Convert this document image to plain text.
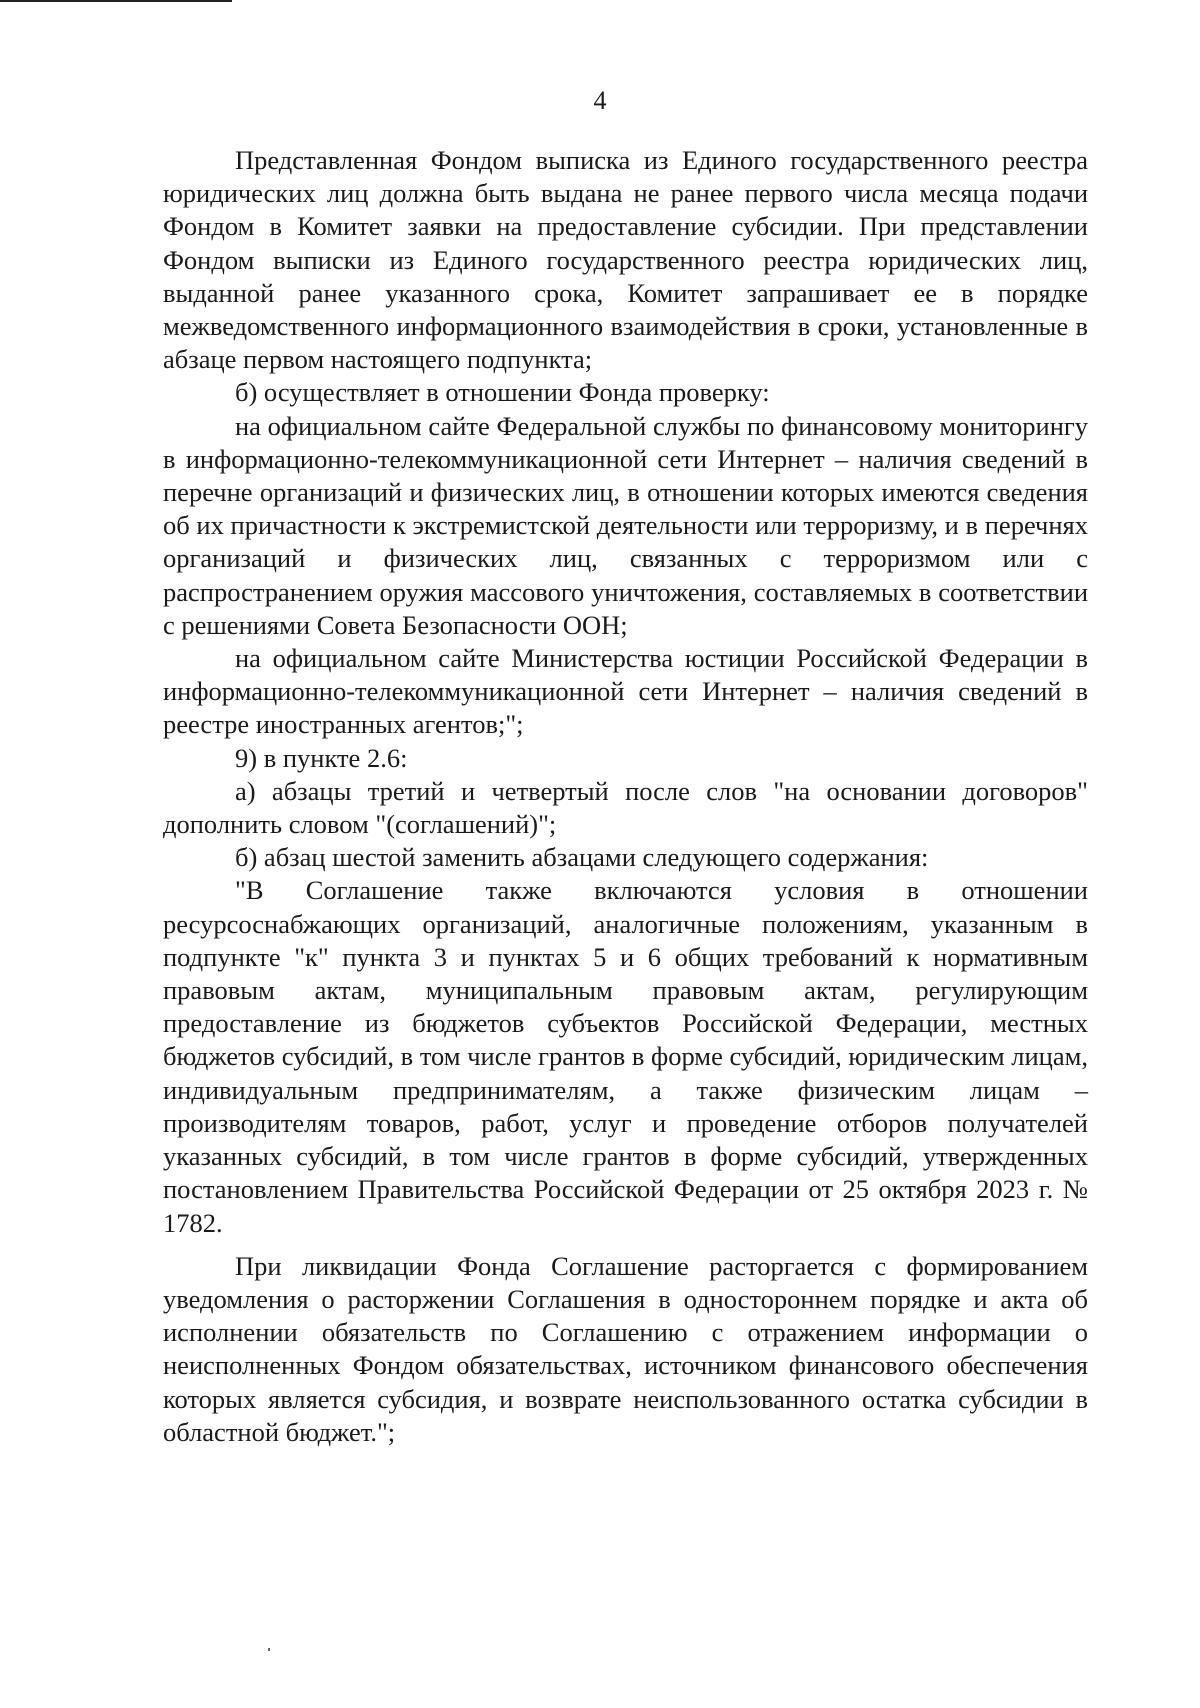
4

Представленная Фондом выписка из Единого государственного реестра юридических лиц должна быть выдана не ранее первого числа месяца подачи Фондом в Комитет заявки на предоставление субсидии. При представлении Фондом выписки из Единого государственного реестра юридических лиц, выданной ранее указанного срока, Комитет запрашивает ее в порядке межведомственного информационного взаимодействия в сроки, установленные в абзаце первом настоящего подпункта;

б) осуществляет в отношении Фонда проверку:

на официальном сайте Федеральной службы по финансовому мониторингу в информационно-телекоммуникационной сети Интернет – наличия сведений в перечне организаций и физических лиц, в отношении которых имеются сведения об их причастности к экстремистской деятельности или терроризму, и в перечнях организаций и физических лиц, связанных с терроризмом или с распространением оружия массового уничтожения, составляемых в соответствии с решениями Совета Безопасности ООН;

на официальном сайте Министерства юстиции Российской Федерации в информационно-телекоммуникационной сети Интернет – наличия сведений в реестре иностранных агентов;";

9) в пункте 2.6:

а) абзацы третий и четвертый после слов "на основании договоров" дополнить словом "(соглашений)";

б) абзац шестой заменить абзацами следующего содержания:

"В Соглашение также включаются условия в отношении ресурсоснабжающих организаций, аналогичные положениям, указанным в подпункте "к" пункта 3 и пунктах 5 и 6 общих требований к нормативным правовым актам, муниципальным правовым актам, регулирующим предоставление из бюджетов субъектов Российской Федерации, местных бюджетов субсидий, в том числе грантов в форме субсидий, юридическим лицам, индивидуальным предпринимателям, а также физическим лицам – производителям товаров, работ, услуг и проведение отборов получателей указанных субсидий, в том числе грантов в форме субсидий, утвержденных постановлением Правительства Российской Федерации от 25 октября 2023 г. № 1782.

При ликвидации Фонда Соглашение расторгается с формированием уведомления о расторжении Соглашения в одностороннем порядке и акта об исполнении обязательств по Соглашению с отражением информации о неисполненных Фондом обязательствах, источником финансового обеспечения которых является субсидия, и возврате неиспользованного остатка субсидии в областной бюджет.";
